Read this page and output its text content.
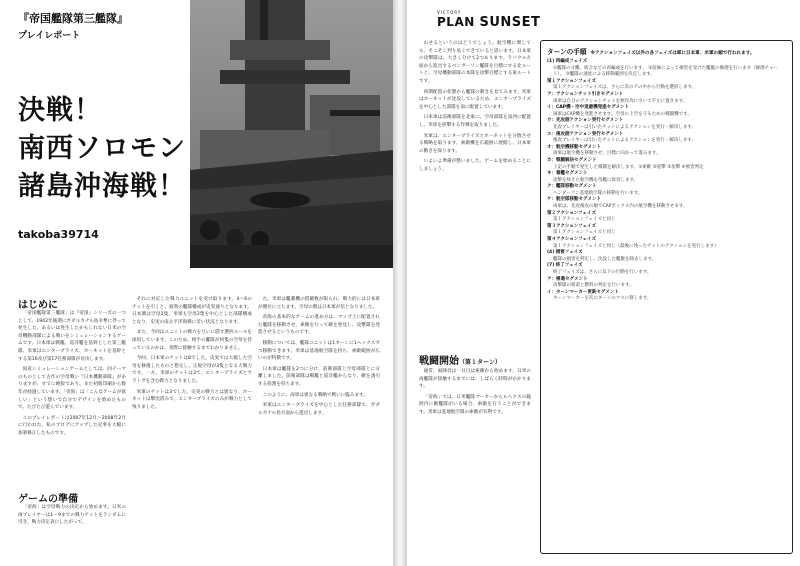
『帝国艦隊第三艦隊』
プレイレポート
決戦！
南西ソロモン
諸島沖海戦！
takoba39714
はじめに

「帝国艦隊第三艦隊」は『帝国』シリーズの一つとして、1942年後期にガダルカナル島争奪に伴って発生した、あるいは発生したかもしれない日米の空母機動部隊による戦いをシミュレーションするゲームです。日本軍は戦艦、巡洋艦を基幹とした第三艦隊、米軍はエンタープライズ、ホーネットを基幹とする第16及び第17任務部隊が対決します。

国産シミュレーションゲームとしては、同テーマのものとして古作の空母戦い『日本機動部隊』がありますが、すでに絶版であり、また初版印刷から数年が経過しています。「帝海」は「こんなゲームが欲しい」という想いで自分でデザインを始めたもので、たびたび遊んでいます。

このプレイレポートは2007年12月〜2008年2月に行われた、私のブログにアップした記事を大幅に加筆修正したものです。

ゲームの準備

「帝海」は空母戦力の決定から始めます。日米の両プレイヤーは1〜9までの戦力チットをランダムに引き、戦力決定表にしたがって、

それに対応した戦力ユニットを受け取ります。4〜6のチットを引くと、彼我の艦隊構成が史実通りとなります。日本側は空母2隻、米軍も空母2隻を中心とした部隊構成となり、史実の南太平洋海戦に近い状況となります。

また、今回はユニットの戦力を互いに隠す選択ルールを採用しています。このため、相手の艦隊が何隻の空母を持っているのかは、実際に接触するまでわかりません。

今回、日本軍のチットは8でした。史実では大破した空母を修復したものと想定し、正規空母が3隻となる大戦力です。一方、米軍のチットは3で、エンタープライズとサラトガを含む戦力となりました。

米軍のチットは3でした。史実の戦力とは異なり、ホーネットは撃沈済みで、エンタープライズのみが戦力として残りました。

た。米軍は艦載機の搭載数が限られ、戦力的には日本軍が優位に立ちます。空母の数は日本軍が倍となりました。

帝海の基本的なゲームの進め方は、マップ上に配置された艦隊を移動させ、索敵を行って敵を発見し、攻撃隊を発進させるというものです。

移動については、艦隊ユニットは1ターンに1ヘックスずつ移動できます。米軍は基地航空隊を持ち、索敵範囲が広いのが特徴です。

日本軍は艦隊を2つに分け、前衛部隊と空母部隊とに分離しました。前衛部隊は戦艦と巡洋艦からなり、敵を誘引する役割を持ちます。

このように、両軍は異なる戦略で戦いに臨みます。

米軍はエンタープライズを中心とした任務部隊で、ガダルカナル島方面から進出します。

VICTORY
PLAN SUNSET

わせるというのはどうでしょう。航空機に関しても、そこそこ判り易くできていると思います。日本軍の攻撃隊は、大きく分けて2つあります。ラバウル方面から進出するベンガーソン艦隊を目標にする北ルートと、空母機動部隊の本隊を攻撃目標とする東ルートです。

初期配置の状態から艦隊の動きを見てみます。米軍はホーネットが沈没しているため、エンタープライズを中心とした部隊を南に配置しています。

日本軍は前衛部隊を北東に、空母部隊を南西に配置し、米軍を挟撃する作戦を取りました。

米軍は、エンタープライズとホーネットを分散させる戦略を取ります。索敵機を広範囲に展開し、日本軍の動きを探ります。

いよいよ準備が整いました。ゲームを始めることにしましょう。

戦闘開始（第１ターン）

通常、両陣営は一日目は索敵から始めます。日米の両艦隊が接触するまでには、しばらく時間がかかります。

「帝海」では、日米艦隊マーカーから６ヘクスの範囲内に敵艦隊がいる場合、索敵を行うことができます。米軍は基地航空隊の索敵が有利です。

ターンの手順 ※アクションフェイズ以外の各フェイズは軍に日本軍、米軍の順で行われます。
(1) 再編成フェイズ
①艦隊の分離、統合などの再編成を行います。 ②前線によって損害を受けた艦艇の修理を行います（修理チャート）。 ③艦隊の速度による移動範囲を決定します。
第１アクションフェイズ
第１アクションフェイズは、さらに次のアの中から行動を選択します。
ア：アクションチット引きセグメント
両軍は自分のアクションチットを無作為に引いて手元に置きます。
イ：CAP機・空中退避機発進セグメント
両軍はCAP機を発進させます。空母の上空を守るための戦闘機です。
ウ：先攻側アクション実行セグメント
先攻プレイヤーは引いたチットによるアクションを実行・解決します。
エ：後攻側アクション実行セグメント
後攻プレイヤーは引いたチットによるアクションを実行・解決します。
オ：航空機移動セグメント
両軍は航空機を移動させ、目標に向かって進みます。
カ：戦闘解決セグメント
上記の手順で発生した戦闘を解決します。①索敵 ②迎撃 ③攻撃 ④被害判定
キ：着艦セグメント
攻撃を終えた航空機を母艦に収容します。
ク：艦隊移動セグメント
ヘンダーソン基地航空隊の移動を行います。
ケ：航空隊移動セグメント
両軍は、先攻後攻の順でCAPボックス内の航空機を移動させます。
第２アクションフェイズ
第１アクションフェイズと同じ
第３アクションフェイズ
第１アクションフェイズと同じ
第４アクションフェイズ
第１アクションフェイズと同じ（最後に残ったチットのアクションを実行します）
(4) 損害フェイズ
艦隊の損害を判定し、沈没した艦艇を除去します。
(7) 終了フェイズ
終了フェイズは、さらに以下の行動を行います。
ア：帰還セグメント
攻撃隊の帰還と燃料の判定を行います。
イ：ターンマーカー更新セグメント
ターンマーカーを次のターンのマスに移します。
